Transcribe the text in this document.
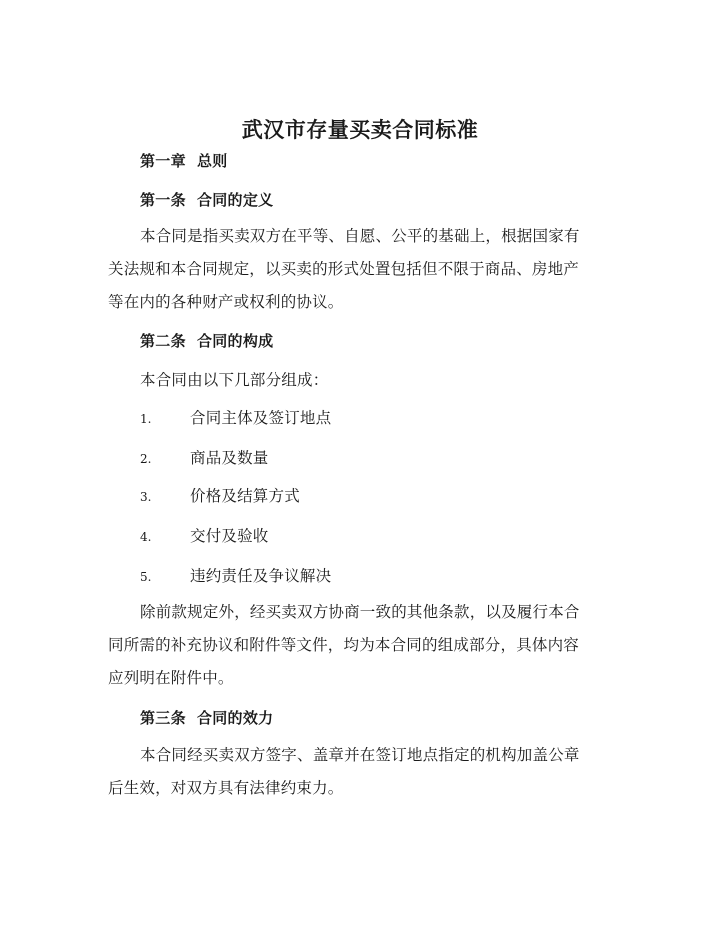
武汉市存量买卖合同标准
第一章  总则
第一条  合同的定义
本合同是指买卖双方在平等、自愿、公平的基础上，根据国家有
关法规和本合同规定，以买卖的形式处置包括但不限于商品、房地产
等在内的各种财产或权利的协议。
第二条  合同的构成
本合同由以下几部分组成：
1. 合同主体及签订地点
2. 商品及数量
3. 价格及结算方式
4. 交付及验收
5. 违约责任及争议解决
除前款规定外，经买卖双方协商一致的其他条款，以及履行本合
同所需的补充协议和附件等文件，均为本合同的组成部分，具体内容
应列明在附件中。
第三条  合同的效力
本合同经买卖双方签字、盖章并在签订地点指定的机构加盖公章
后生效，对双方具有法律约束力。
